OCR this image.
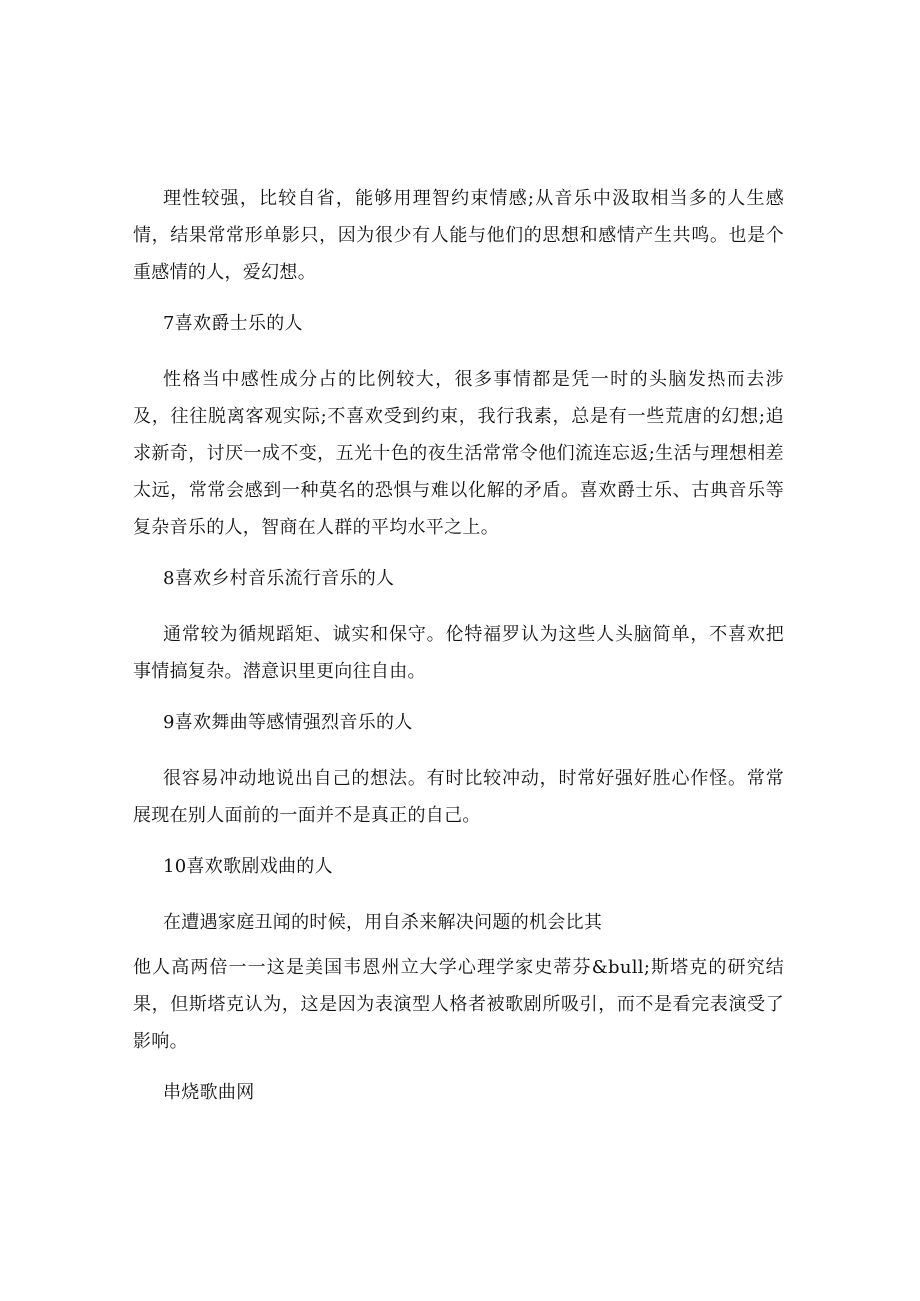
理性较强，比较自省，能够用理智约束情感;从音乐中汲取相当多的人生感情，结果常常形单影只，因为很少有人能与他们的思想和感情产生共鸣。也是个重感情的人，爱幻想。

7喜欢爵士乐的人

性格当中感性成分占的比例较大，很多事情都是凭一时的头脑发热而去涉及，往往脱离客观实际;不喜欢受到约束，我行我素，总是有一些荒唐的幻想;追求新奇，讨厌一成不变，五光十色的夜生活常常令他们流连忘返;生活与理想相差太远，常常会感到一种莫名的恐惧与难以化解的矛盾。喜欢爵士乐、古典音乐等复杂音乐的人，智商在人群的平均水平之上。

8喜欢乡村音乐流行音乐的人

通常较为循规蹈矩、诚实和保守。伦特福罗认为这些人头脑简单，不喜欢把事情搞复杂。潜意识里更向往自由。

9喜欢舞曲等感情强烈音乐的人

很容易冲动地说出自己的想法。有时比较冲动，时常好强好胜心作怪。常常展现在别人面前的一面并不是真正的自己。

10喜欢歌剧戏曲的人

在遭遇家庭丑闻的时候，用自杀来解决问题的机会比其

他人高两倍一一这是美国韦恩州立大学心理学家史蒂芬&bull;斯塔克的研究结果，但斯塔克认为，这是因为表演型人格者被歌剧所吸引，而不是看完表演受了影响。

串烧歌曲网
